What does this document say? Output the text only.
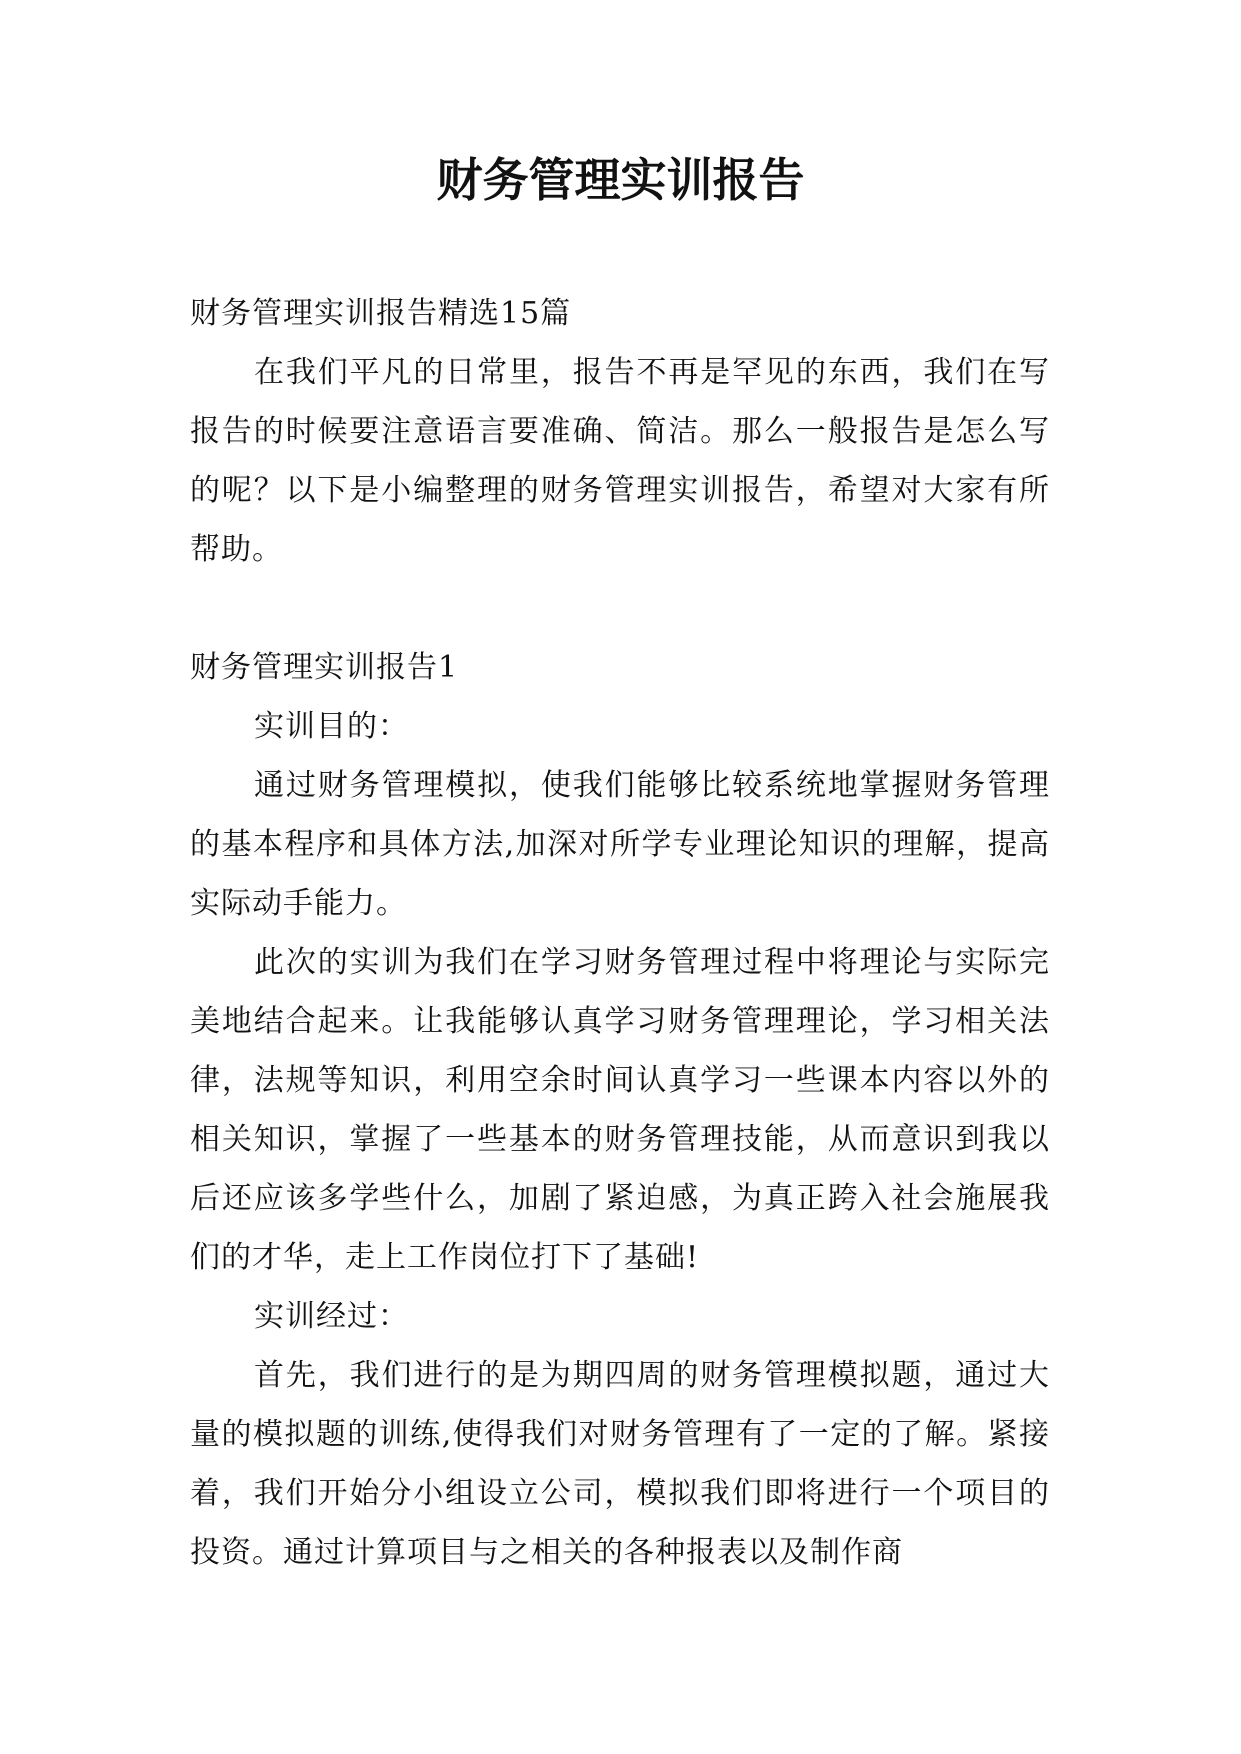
财务管理实训报告

财务管理实训报告精选15篇

在我们平凡的日常里，报告不再是罕见的东西，我们在写报告的时候要注意语言要准确、简洁。那么一般报告是怎么写的呢？以下是小编整理的财务管理实训报告，希望对大家有所帮助。

财务管理实训报告1

实训目的：

通过财务管理模拟，使我们能够比较系统地掌握财务管理的基本程序和具体方法,加深对所学专业理论知识的理解，提高实际动手能力。

此次的实训为我们在学习财务管理过程中将理论与实际完美地结合起来。让我能够认真学习财务管理理论，学习相关法律，法规等知识，利用空余时间认真学习一些课本内容以外的相关知识，掌握了一些基本的财务管理技能，从而意识到我以后还应该多学些什么，加剧了紧迫感，为真正跨入社会施展我们的才华，走上工作岗位打下了基础!

实训经过：

首先，我们进行的是为期四周的财务管理模拟题，通过大量的模拟题的训练,使得我们对财务管理有了一定的了解。紧接着，我们开始分小组设立公司，模拟我们即将进行一个项目的投资。通过计算项目与之相关的各种报表以及制作商
